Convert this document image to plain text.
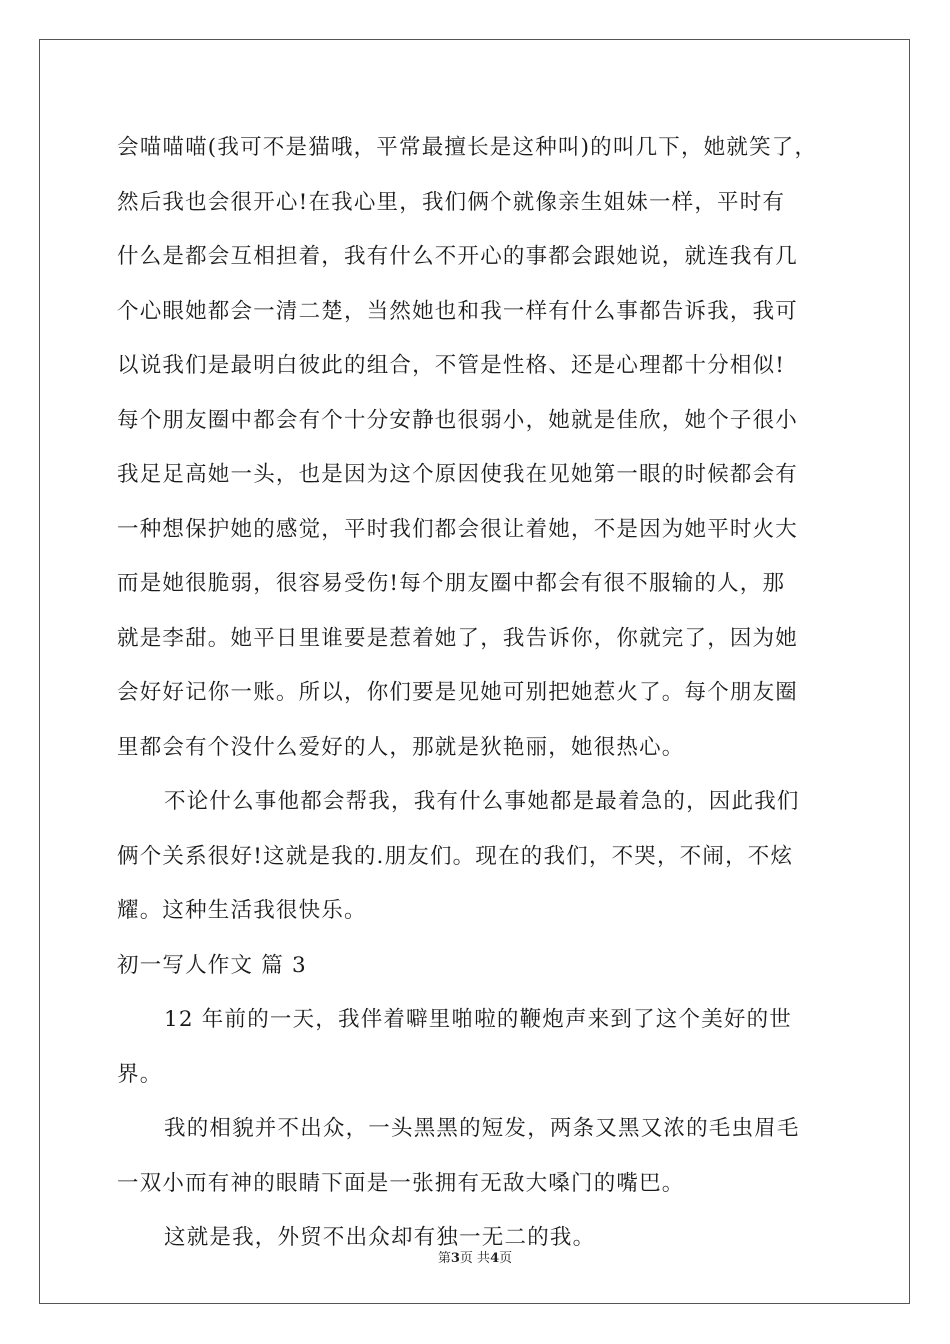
会喵喵喵(我可不是猫哦，平常最擅长是这种叫)的叫几下，她就笑了，
然后我也会很开心!在我心里，我们俩个就像亲生姐妹一样，平时有
什么是都会互相担着，我有什么不开心的事都会跟她说，就连我有几
个心眼她都会一清二楚，当然她也和我一样有什么事都告诉我，我可
以说我们是最明白彼此的组合，不管是性格、还是心理都十分相似!
每个朋友圈中都会有个十分安静也很弱小，她就是佳欣，她个子很小
我足足高她一头，也是因为这个原因使我在见她第一眼的时候都会有
一种想保护她的感觉，平时我们都会很让着她，不是因为她平时火大
而是她很脆弱，很容易受伤!每个朋友圈中都会有很不服输的人，那
就是李甜。她平日里谁要是惹着她了，我告诉你，你就完了，因为她
会好好记你一账。所以，你们要是见她可别把她惹火了。每个朋友圈
里都会有个没什么爱好的人，那就是狄艳丽，她很热心。
不论什么事他都会帮我，我有什么事她都是最着急的，因此我们
俩个关系很好!这就是我的.朋友们。现在的我们，不哭，不闹，不炫
耀。这种生活我很快乐。
初一写人作文 篇 3
12 年前的一天，我伴着噼里啪啦的鞭炮声来到了这个美好的世
界。
我的相貌并不出众，一头黑黑的短发，两条又黑又浓的毛虫眉毛
一双小而有神的眼睛下面是一张拥有无敌大嗓门的嘴巴。
这就是我，外贸不出众却有独一无二的我。
第3页 共4页
